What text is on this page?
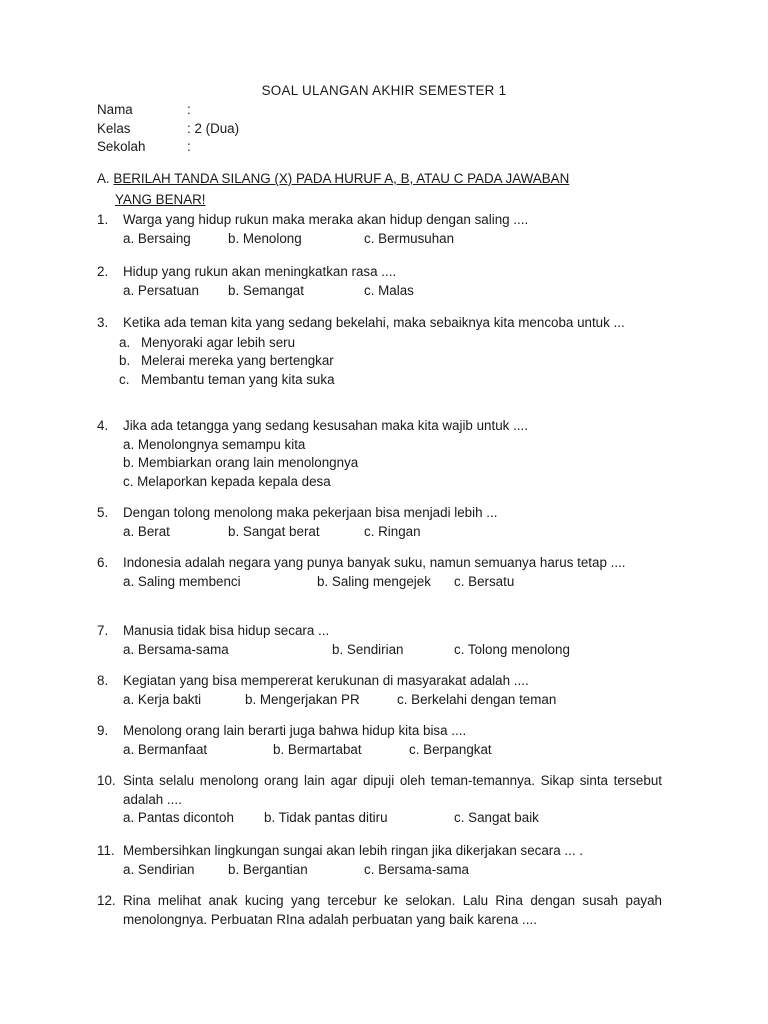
SOAL ULANGAN AKHIR SEMESTER 1
Nama	:
Kelas	: 2 (Dua)
Sekolah	:
A. BERILAH TANDA SILANG (X) PADA HURUF A, B, ATAU C PADA JAWABAN
YANG BENAR!
1.	Warga yang hidup rukun maka meraka akan hidup dengan saling ....
a. Bersaing	b. Menolong	c. Bermusuhan
2.	Hidup yang rukun akan meningkatkan rasa ....
a. Persatuan b. Semangat	c. Malas
3.	Ketika ada teman kita yang sedang bekelahi, maka sebaiknya kita mencoba untuk ...
a. Menyoraki agar lebih seru
b. Melerai mereka yang bertengkar
c. Membantu teman yang kita suka
4.	Jika ada tetangga yang sedang kesusahan maka kita wajib untuk ....
a. Menolongnya semampu kita
b. Membiarkan orang lain menolongnya
c. Melaporkan kepada kepala desa
5.	Dengan tolong menolong maka pekerjaan bisa menjadi lebih ...
a. Berat	b. Sangat berat	c. Ringan
6.	Indonesia adalah negara yang punya banyak suku, namun semuanya harus tetap ....
a. Saling membenci	b. Saling mengejek c. Bersatu
7.	Manusia tidak bisa hidup secara ...
a. Bersama-sama	b. Sendirian	c. Tolong menolong
8.	Kegiatan yang bisa mempererat kerukunan di masyarakat adalah ....
a. Kerja bakti	b. Mengerjakan PR	c. Berkelahi dengan teman
9.	Menolong orang lain berarti juga bahwa hidup kita bisa ....
a. Bermanfaat	b. Bermartabat	c. Berpangkat
10. Sinta selalu menolong orang lain agar dipuji oleh teman-temannya. Sikap sinta tersebut adalah ....
a. Pantas dicontoh b. Tidak pantas ditiru	c. Sangat baik
11. Membersihkan lingkungan sungai akan lebih ringan jika dikerjakan secara ... .
a. Sendirian	b. Bergantian	c. Bersama-sama
12. Rina melihat anak kucing yang tercebur ke selokan. Lalu Rina dengan susah payah menolongnya. Perbuatan RIna adalah perbuatan yang baik karena ....
